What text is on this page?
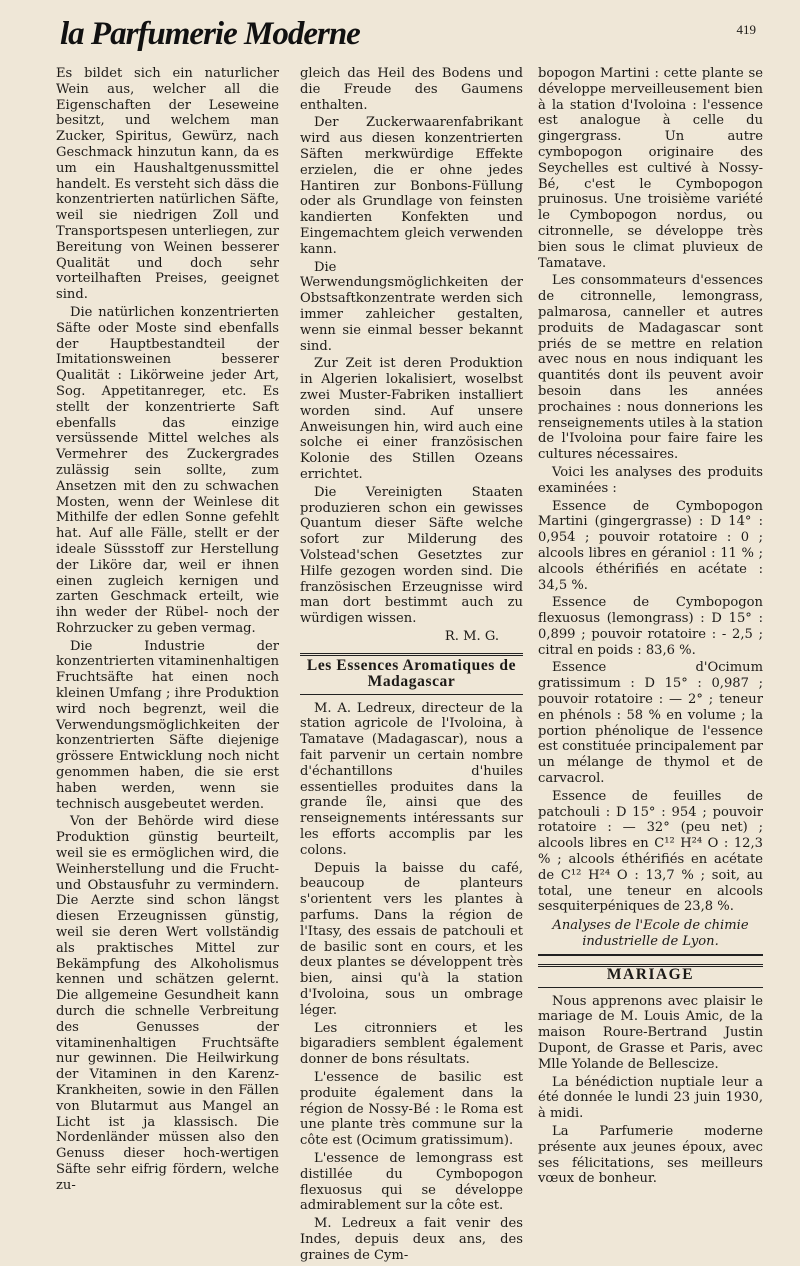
la Parfumerie Moderne	419

Es bildet sich ein naturlicher Wein aus, welcher all die Eigenschaften der Leseweine besitzt, und welchem man Zucker, Spiritus, Gewürz, nach Geschmack hinzutun kann, da es um ein Haushaltgenussmittel handelt. Es versteht sich däss die konzentrierten natürlichen Säfte, weil sie niedrigen Zoll und Transportspesen unterliegen, zur Bereitung von Weinen besserer Qualität und doch sehr vorteilhaften Preises, geeignet sind.

Die natürlichen konzentrierten Säfte oder Moste sind ebenfalls der Hauptbestandteil der Imitationsweinen besserer Qualität : Likörweine jeder Art, Sog. Appetitanreger, etc. Es stellt der konzentrierte Saft ebenfalls das einzige versüssende Mittel welches als Vermehrer des Zuckergrades zulässig sein sollte, zum Ansetzen mit den zu schwachen Mosten, wenn der Weinlese dit Mithilfe der edlen Sonne gefehlt hat. Auf alle Fälle, stellt er der ideale Süssstoff zur Herstellung der Liköre dar, weil er ihnen einen zugleich kernigen und zarten Geschmack erteilt, wie ihn weder der Rübel- noch der Rohrzucker zu geben vermag.

Die Industrie der konzentrierten vitaminenhaltigen Fruchtsäfte hat einen noch kleinen Umfang ; ihre Produktion wird noch begrenzt, weil die Verwendungsmöglichkeiten der konzentrierten Säfte diejenige grössere Entwicklung noch nicht genommen haben, die sie erst haben werden, wenn sie technisch ausgebeutet werden.

Von der Behörde wird diese Produktion günstig beurteilt, weil sie es ermöglichen wird, die Weinherstellung und die Frucht- und Obstausfuhr zu vermindern. Die Aerzte sind schon längst diesen Erzeugnissen günstig, weil sie deren Wert vollständig als praktisches Mittel zur Bekämpfung des Alkoholismus kennen und schätzen gelernt. Die allgemeine Gesundheit kann durch die schnelle Verbreitung des Genusses der vitaminenhaltigen Fruchtsäfte nur gewinnen. Die Heilwirkung der Vitaminen in den Karenz-Krankheiten, sowie in den Fällen von Blutarmut aus Mangel an Licht ist ja klassisch. Die Nordenländer müssen also den Genuss dieser hoch-wertigen Säfte sehr eifrig fördern, welche zu-

gleich das Heil des Bodens und die Freude des Gaumens enthalten.

Der Zuckerwaarenfabrikant wird aus diesen konzentrierten Säften merkwürdige Effekte erzielen, die er ohne jedes Hantiren zur Bonbons-Füllung oder als Grundlage von feinsten kandierten Konfekten und Eingemachtem gleich verwenden kann.

Die Werwendungsmöglichkeiten der Obstsaftkonzentrate werden sich immer zahleicher gestalten, wenn sie einmal besser bekannt sind.

Zur Zeit ist deren Produktion in Algerien lokalisiert, woselbst zwei Muster-Fabriken installiert worden sind. Auf unsere Anweisungen hin, wird auch eine solche ei einer französischen Kolonie des Stillen Ozeans errichtet.

Die Vereinigten Staaten produzieren schon ein gewisses Quantum dieser Säfte welche sofort zur Milderung des Volstead'schen Gesetztes zur Hilfe gezogen worden sind. Die französischen Erzeugnisse wird man dort bestimmt auch zu würdigen wissen.

R. M. G.
Les Essences Aromatiques de Madagascar

M. A. Ledreux, directeur de la station agricole de l'Ivoloina, à Tamatave (Madagascar), nous a fait parvenir un certain nombre d'échantillons d'huiles essentielles produites dans la grande île, ainsi que des renseignements intéressants sur les efforts accomplis par les colons.

Depuis la baisse du café, beaucoup de planteurs s'orientent vers les plantes à parfums. Dans la région de l'Itasy, des essais de patchouli et de basilic sont en cours, et les deux plantes se développent très bien, ainsi qu'à la station d'Ivoloina, sous un ombrage léger.

Les citronniers et les bigaradiers semblent également donner de bons résultats.

L'essence de basilic est produite également dans la région de Nossy-Bé : le Roma est une plante très commune sur la côte est (Ocimum gratissimum).

L'essence de lemongrass est distillée du Cymbopogon flexuosus qui se développe admirablement sur la côte est.

M. Ledreux a fait venir des Indes, depuis deux ans, des graines de Cym-

bopogon Martini : cette plante se développe merveilleusement bien à la station d'Ivoloina : l'essence est analogue à celle du gingergrass. Un autre cymbopogon originaire des Seychelles est cultivé à Nossy-Bé, c'est le Cymbopogon pruinosus. Une troisième variété le Cymbopogon nordus, ou citronnelle, se développe très bien sous le climat pluvieux de Tamatave.

Les consommateurs d'essences de citronnelle, lemongrass, palmarosa, canneller et autres produits de Madagascar sont priés de se mettre en relation avec nous en nous indiquant les quantités dont ils peuvent avoir besoin dans les années prochaines : nous donnerions les renseignements utiles à la station de l'Ivoloina pour faire faire les cultures nécessaires.

Voici les analyses des produits examinées :

Essence de Cymbopogon Martini (gingergrasse) : D 14° : 0,954 ; pouvoir rotatoire : 0 ; alcools libres en géraniol : 11 % ; alcools éthérifiés en acétate : 34,5 %.

Essence de Cymbopogon flexuosus (lemongrass) : D 15° : 0,899 ; pouvoir rotatoire : - 2,5 ; citral en poids : 83,6 %.

Essence d'Ocimum gratissimum : D 15° : 0,987 ; pouvoir rotatoire : — 2° ; teneur en phénols : 58 % en volume ; la portion phénolique de l'essence est constituée principalement par un mélange de thymol et de carvacrol.

Essence de feuilles de patchouli : D 15° : 954 ; pouvoir rotatoire : — 32° (peu net) ; alcools libres en C¹² H²⁴ O : 12,3 % ; alcools éthérifiés en acétate de C¹² H²⁴ O : 13,7 % ; soit, au total, une teneur en alcools sesquiterpéniques de 23,8 %.

Analyses de l'Ecole de chimie industrielle de Lyon.
MARIAGE

Nous apprenons avec plaisir le mariage de M. Louis Amic, de la maison Roure-Bertrand Justin Dupont, de Grasse et Paris, avec Mlle Yolande de Bellescize.

La bénédiction nuptiale leur a été donnée le lundi 23 juin 1930, à midi.

La Parfumerie moderne présente aux jeunes époux, avec ses félicitations, ses meilleurs vœux de bonheur.
